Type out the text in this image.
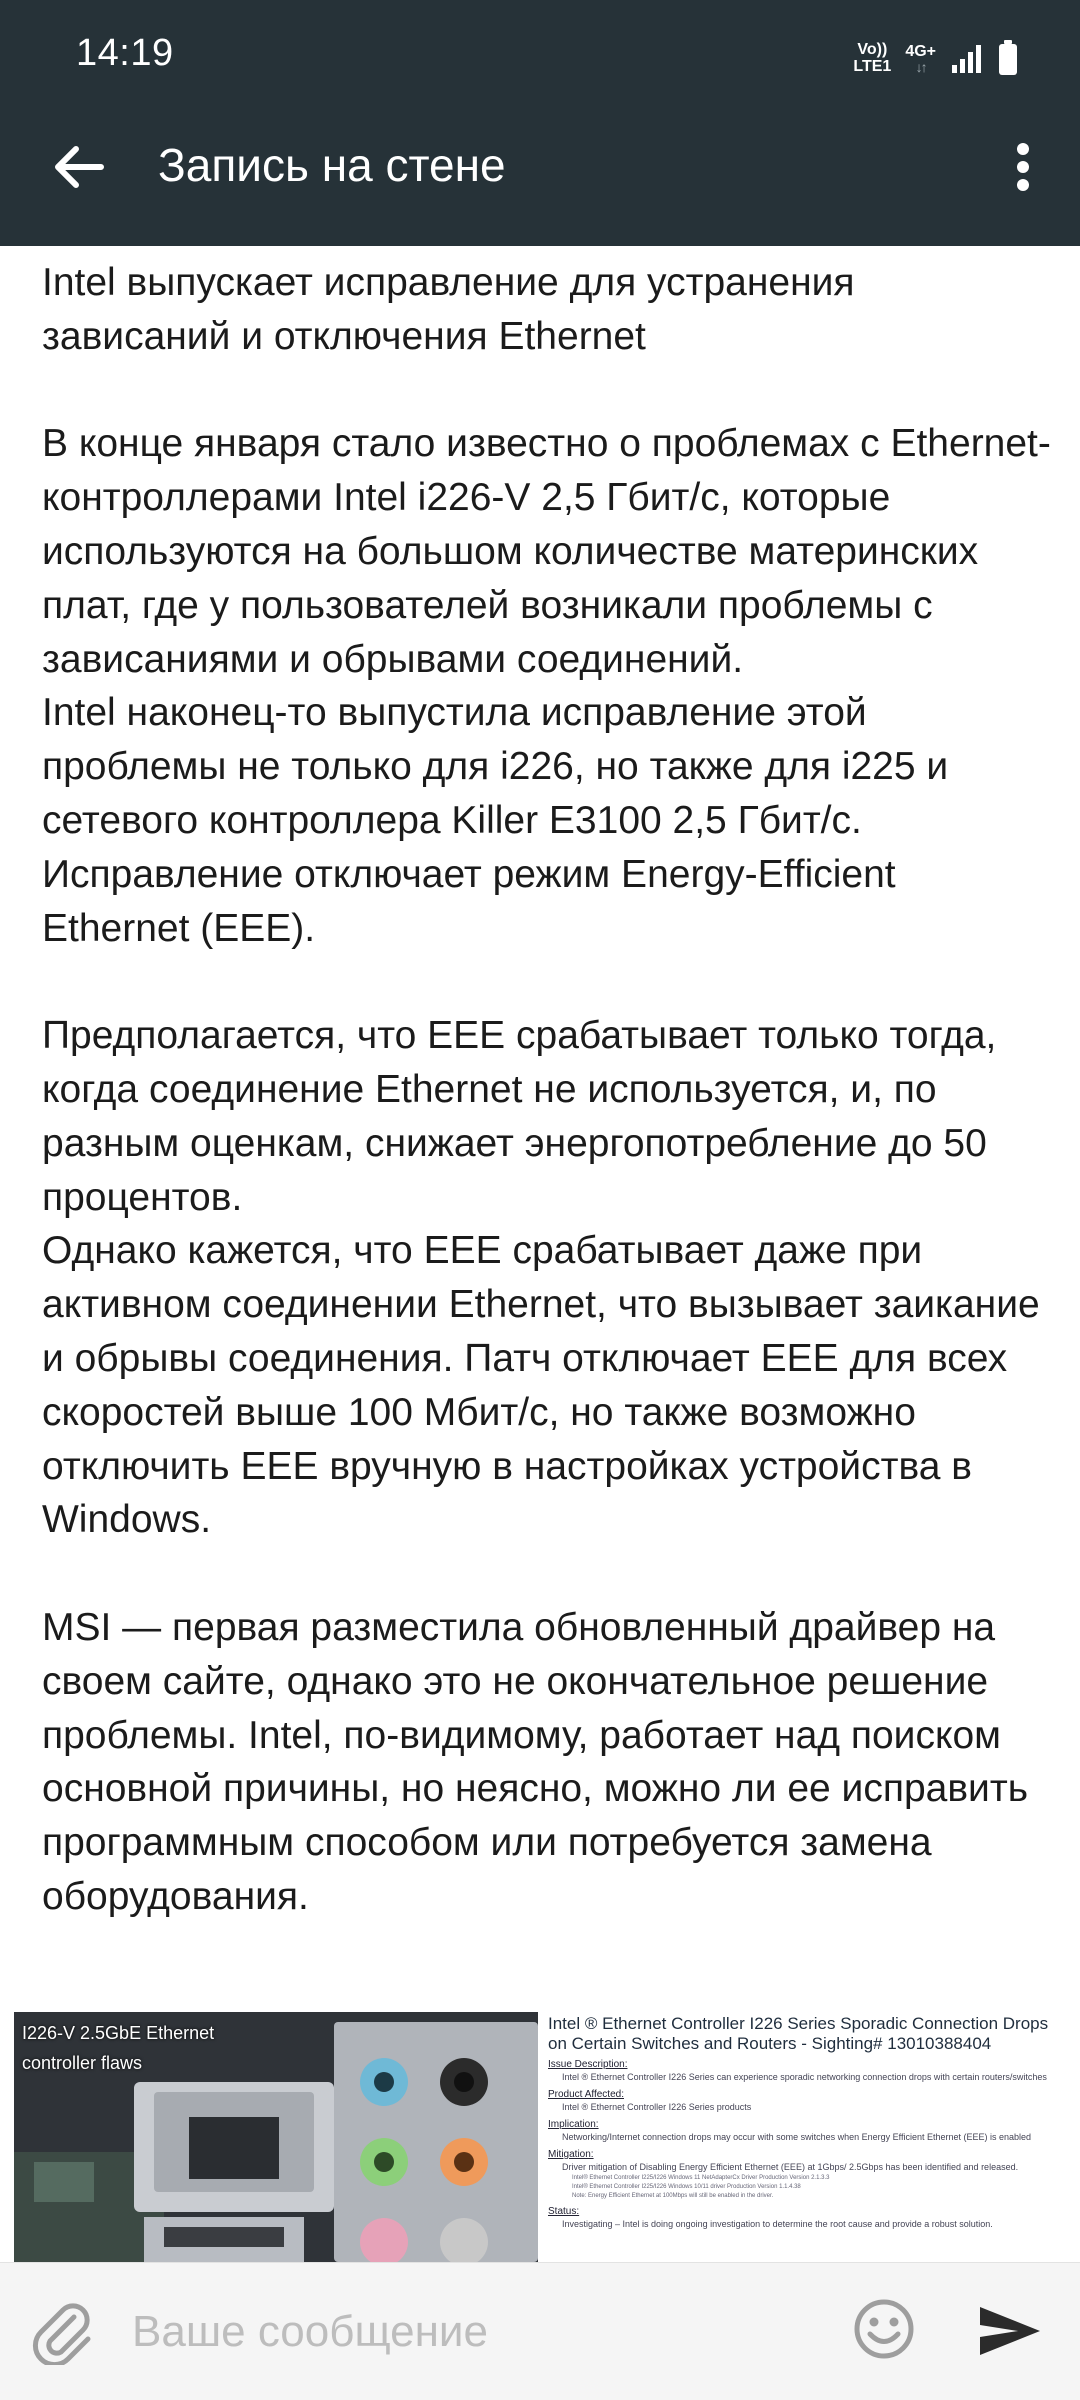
14:19	Vo))
LTE1
4G+
↓↑
Запись на стене

Intel выпускает исправление для устранения зависаний и отключения Ethernet

В конце января стало известно о проблемах с Ethernet-контроллерами Intel i226-V 2,5 Гбит/с, которые используются на большом количестве материнских плат, где у пользователей возникали проблемы с зависаниями и обрывами соединений.

Intel наконец-то выпустила исправление этой проблемы не только для i226, но также для i225 и сетевого контроллера Killer E3100 2,5 Гбит/с. Исправление отключает режим Energy-Efficient Ethernet (EEE).

Предполагается, что EEE срабатывает только тогда, когда соединение Ethernet не используется, и, по разным оценкам, снижает энергопотребление до 50 процентов.

Однако кажется, что EEE срабатывает даже при активном соединении Ethernet, что вызывает заикание и обрывы соединения. Патч отключает EEE для всех скоростей выше 100 Мбит/с, но также возможно отключить EEE вручную в настройках устройства в Windows.

MSI — первая разместила обновленный драйвер на своем сайте, однако это не окончательное решение проблемы. Intel, по-видимому, работает над поиском основной причины, но неясно, можно ли ее исправить программным способом или потребуется замена оборудования.

I226-V 2.5GbE Ethernet
controller flaws
Intel ® Ethernet Controller I226 Series Sporadic Connection Drops on Certain Switches and Routers - Sighting# 13010388404
Issue Description:
Intel ® Ethernet Controller I226 Series can experience sporadic networking connection drops with certain routers/switches
Product Affected:
Intel ® Ethernet Controller I226 Series products
Implication:
Networking/Internet connection drops may occur with some switches when Energy Efficient Ethernet (EEE) is enabled
Mitigation:
Driver mitigation of Disabling Energy Efficient Ethernet (EEE) at 1Gbps/ 2.5Gbps has been identified and released.
Intel® Ethernet Controller I225/I226 Windows 11 NetAdapterCx Driver Production Version 2.1.3.3
Intel® Ethernet Controller I225/I226 Windows 10/11 driver Production Version 1.1.4.38
Note: Energy Efficient Ethernet at 100Mbps will still be enabled in the driver.
Status:
Investigating – Intel is doing ongoing investigation to determine the root cause and provide a robust solution.
Ваше сообщение
